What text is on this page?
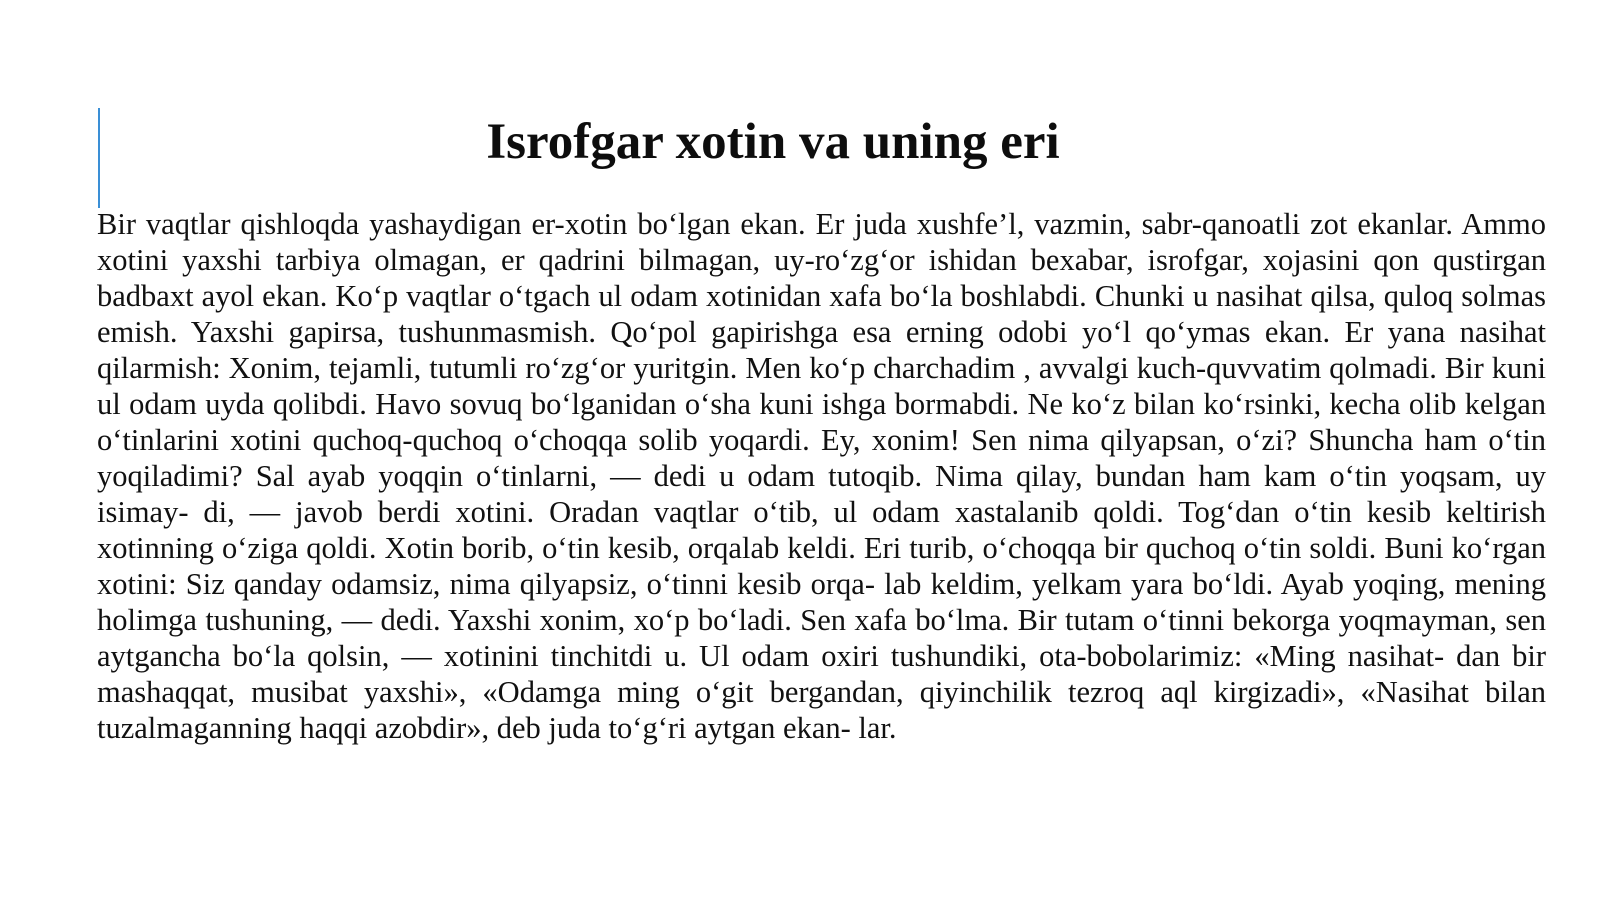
Isrofgar xotin va uning eri

Bir vaqtlar qishloqda yashaydigan er-xotin bo‘lgan ekan. Er juda xushfe’l, vazmin, sabr-qanoatli zot ekanlar. Ammo xotini yaxshi tarbiya olmagan, er qadrini bilmagan, uy-ro‘zg‘or ishidan bexabar, isrofgar, xojasini qon qustirgan badbaxt ayol ekan. Ko‘p vaqtlar o‘tgach ul odam xotinidan xafa bo‘la boshlabdi. Chunki u nasihat qilsa, quloq solmas emish. Yaxshi gapirsa, tushunmasmish. Qo‘pol gapirishga esa erning odobi yo‘l qo‘ymas ekan. Er yana nasihat qilarmish: Xonim, tejamli, tutumli ro‘zg‘or yuritgin. Men ko‘p charchadim , avvalgi kuch-quvvatim qolmadi. Bir kuni ul odam uyda qolibdi. Havo sovuq bo‘lganidan o‘sha kuni ishga bormabdi. Ne ko‘z bilan ko‘rsinki, kecha olib kelgan o‘tinlarini xotini quchoq-quchoq o‘choqqa solib yoqardi. Ey, xonim! Sen nima qilyapsan, o‘zi? Shuncha ham o‘tin yoqiladimi? Sal ayab yoqqin o‘tinlarni, — dedi u odam tutoqib. Nima qilay, bundan ham kam o‘tin yoqsam, uy isimay- di, — javob berdi xotini. Oradan vaqtlar o‘tib, ul odam xastalanib qoldi. Tog‘dan o‘tin kesib keltirish xotinning o‘ziga qoldi. Xotin borib, o‘tin kesib, orqalab keldi. Eri turib, o‘choqqa bir quchoq o‘tin soldi. Buni ko‘rgan xotini: Siz qanday odamsiz, nima qilyapsiz, o‘tinni kesib orqa- lab keldim, yelkam yara bo‘ldi. Ayab yoqing, mening holimga tushuning, — dedi. Yaxshi xonim, xo‘p bo‘ladi. Sen xafa bo‘lma. Bir tutam o‘tinni bekorga yoqmayman, sen aytgancha bo‘la qolsin, — xotinini tinchitdi u. Ul odam oxiri tushundiki, ota-bobolarimiz: «Ming nasihat- dan bir mashaqqat, musibat yaxshi», «Odamga ming o‘git bergandan, qiyinchilik tezroq aql kirgizadi», «Nasihat bilan tuzalmaganning haqqi azobdir», deb juda to‘g‘ri aytgan ekan- lar.
